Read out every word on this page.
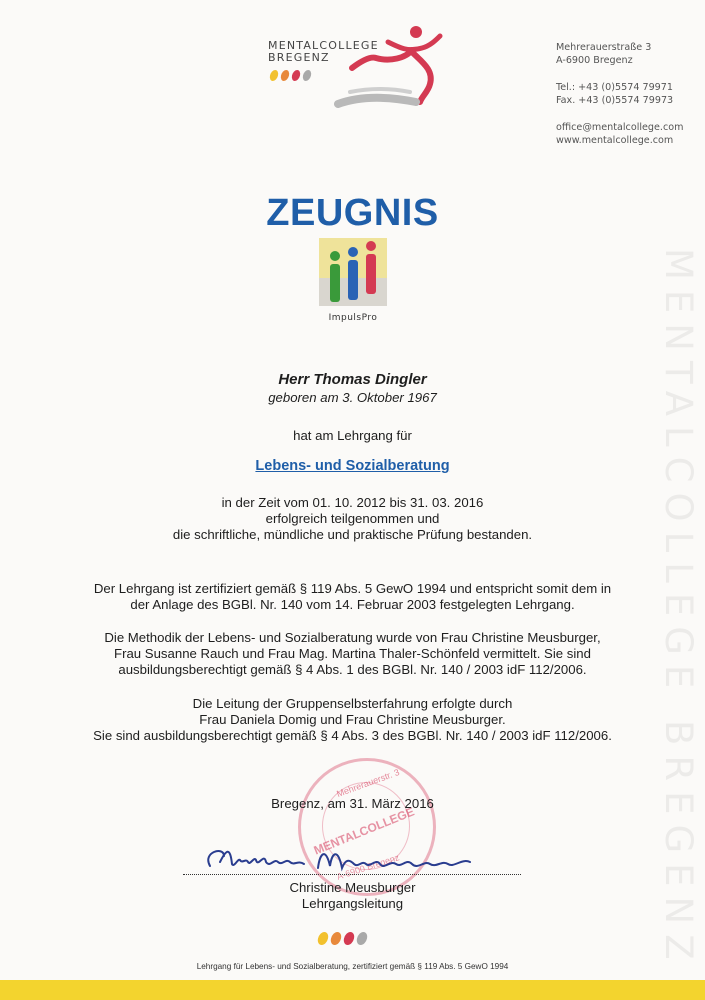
MENTALCOLLEGE
BREGENZ
Mehrerauerstraße 3
A-6900 Bregenz
Tel.: +43 (0)5574 79971
Fax. +43 (0)5574 79973
office@mentalcollege.com
www.mentalcollege.com
MENTALCOLLEGE BREGENZ
ZEUGNIS
ImpulsPro
Herr Thomas Dingler
geboren am 3. Oktober 1967
hat am Lehrgang für
Lebens- und Sozialberatung
in der Zeit vom 01. 10. 2012 bis 31. 03. 2016
erfolgreich teilgenommen und
die schriftliche, mündliche und praktische Prüfung bestanden.
Der Lehrgang ist zertifiziert gemäß § 119 Abs. 5 GewO 1994 und entspricht somit dem in
der Anlage des BGBl. Nr. 140 vom 14. Februar 2003 festgelegten Lehrgang.
Die Methodik der Lebens- und Sozialberatung wurde von Frau Christine Meusburger,
Frau Susanne Rauch und Frau Mag. Martina Thaler-Schönfeld vermittelt. Sie sind
ausbildungsberechtigt gemäß § 4 Abs. 1 des BGBl. Nr. 140 / 2003 idF 112/2006.
Die Leitung der Gruppenselbsterfahrung erfolgte durch
Frau Daniela Domig und Frau Christine Meusburger.
Sie sind ausbildungsberechtigt gemäß § 4 Abs. 3 des BGBl. Nr. 140 / 2003 idF 112/2006.
Mehrerauerstr. 3
MENTALCOLLEGE
A-6900 Bregenz
Bregenz, am 31. März 2016
Christine Meusburger
Lehrgangsleitung
Lehrgang für Lebens- und Sozialberatung, zertifiziert gemäß § 119 Abs. 5 GewO 1994
